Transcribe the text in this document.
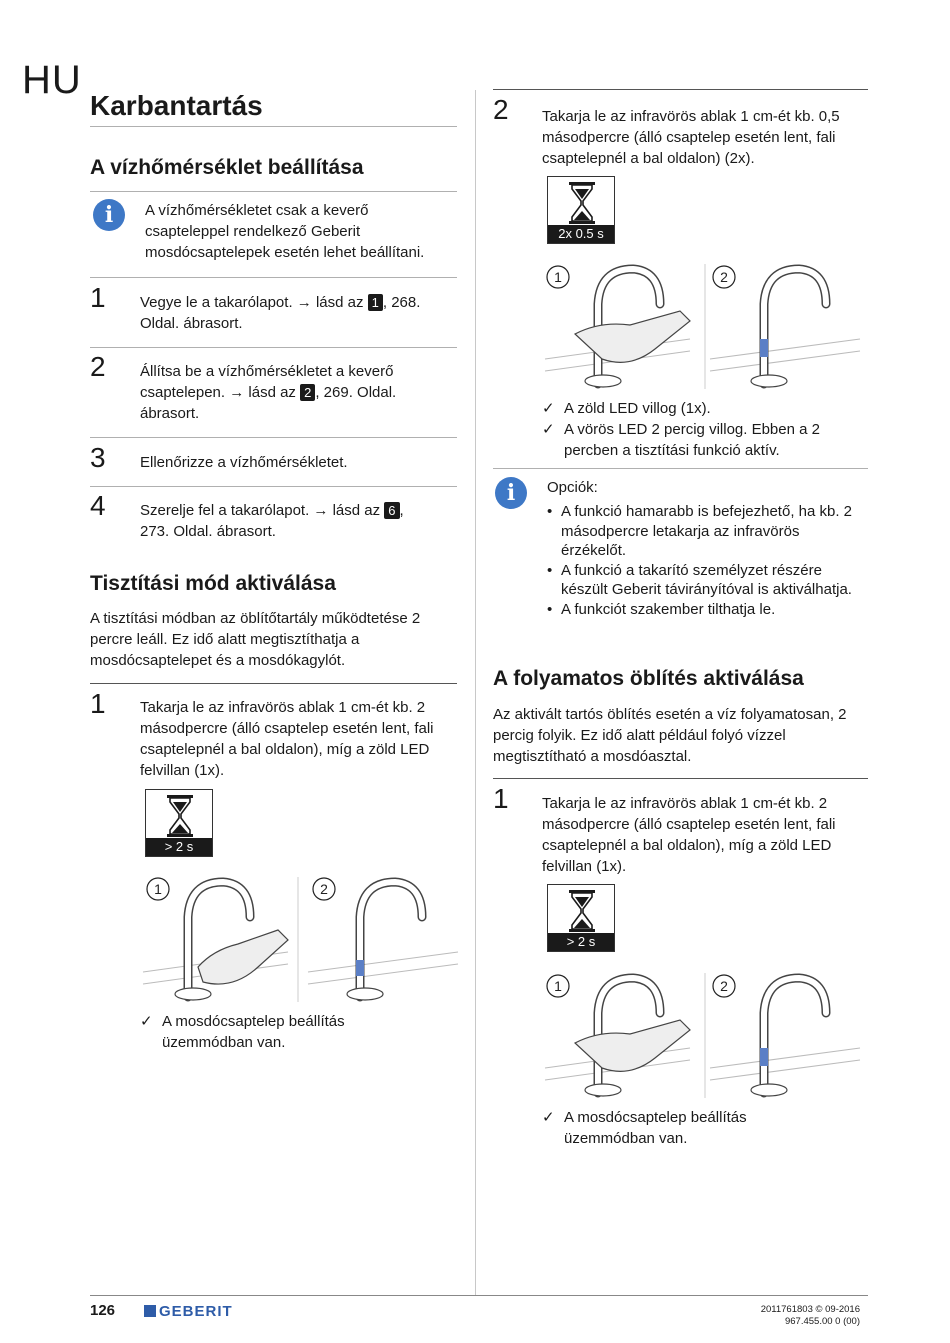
HU
Karbantartás
A vízhőmérséklet beállítása
i	A vízhőmérsékletet csak a keverő csapteleppel rendelkező Geberit mosdócsaptelepek esetén lehet beállítani.
1 Vegye le a takarólapot. → lásd az 1 , 268.
Oldal. ábrasort.
2 Állítsa be a vízhőmérsékletet a keverő
csaptelepen. → lásd az 2 , 269. Oldal.
ábrasort.
3 Ellenőrizze a vízhőmérsékletet.
4 Szerelje fel a takarólapot. → lásd az 6 ,
273. Oldal. ábrasort.
Tisztítási mód aktiválása
A tisztítási módban az öblítőtartály működtetése 2 percre leáll. Ez idő alatt megtisztíthatja a mosdócsaptelepet és a mosdókagylót.
1 Takarja le az infravörös ablak 1 cm-ét kb. 2 másodpercre (álló csaptelep esetén lent, fali csaptelepnél a bal oldalon), míg a zöld LED felvillan (1x).
> 2 s
1	2
✓ A mosdócsaptelep beállítás üzemmódban van.
2 Takarja le az infravörös ablak 1 cm-ét kb. 0,5 másodpercre (álló csaptelep esetén lent, fali csaptelepnél a bal oldalon) (2x).
2x 0.5 s
1	2
✓ A zöld LED villog (1x).
✓ A vörös LED 2 percig villog. Ebben a 2 percben a tisztítási funkció aktív.
i	Opciók:
• A funkció hamarabb is befejezhető, ha kb. 2 másodpercre letakarja az infravörös érzékelőt.
• A funkció a takarító személyzet részére készült Geberit távirányítóval is aktiválhatja.
• A funkciót szakember tilthatja le.
A folyamatos öblítés aktiválása
Az aktivált tartós öblítés esetén a víz folyamatosan, 2 percig folyik. Ez idő alatt például folyó vízzel megtisztítható a mosdóasztal.
1 Takarja le az infravörös ablak 1 cm-ét kb. 2 másodpercre (álló csaptelep esetén lent, fali csaptelepnél a bal oldalon), míg a zöld LED felvillan (1x).
> 2 s
1	2
✓ A mosdócsaptelep beállítás üzemmódban van.
126	GEBERIT	2011761803 © 09-2016
967.455.00 0 (00)
